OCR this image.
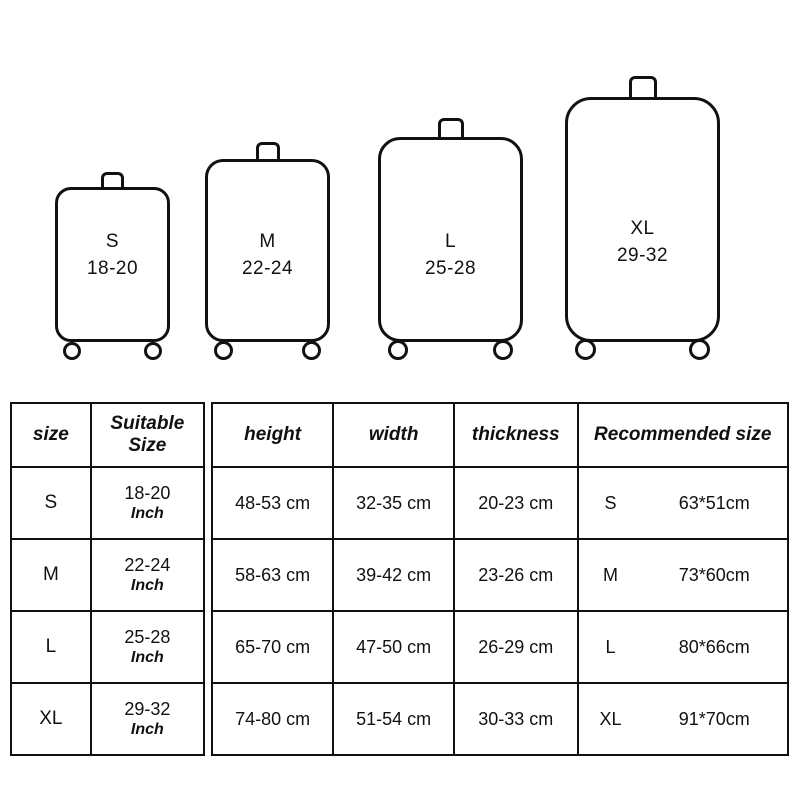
S
18-20
M
22-24
L
25-28
XL
29-32
size	Suitable
Size
S	18-20
Inch

M	22-24
Inch

L	25-28
Inch

XL	29-32
Inch
height	width	thickness	Recommended size
48-53 cm	32-35 cm	20-23 cm	S 63*51cm

58-63 cm	39-42 cm	23-26 cm	M 73*60cm

65-70 cm	47-50 cm	26-29 cm	L 80*66cm

74-80 cm	51-54 cm	30-33 cm	XL 91*70cm
